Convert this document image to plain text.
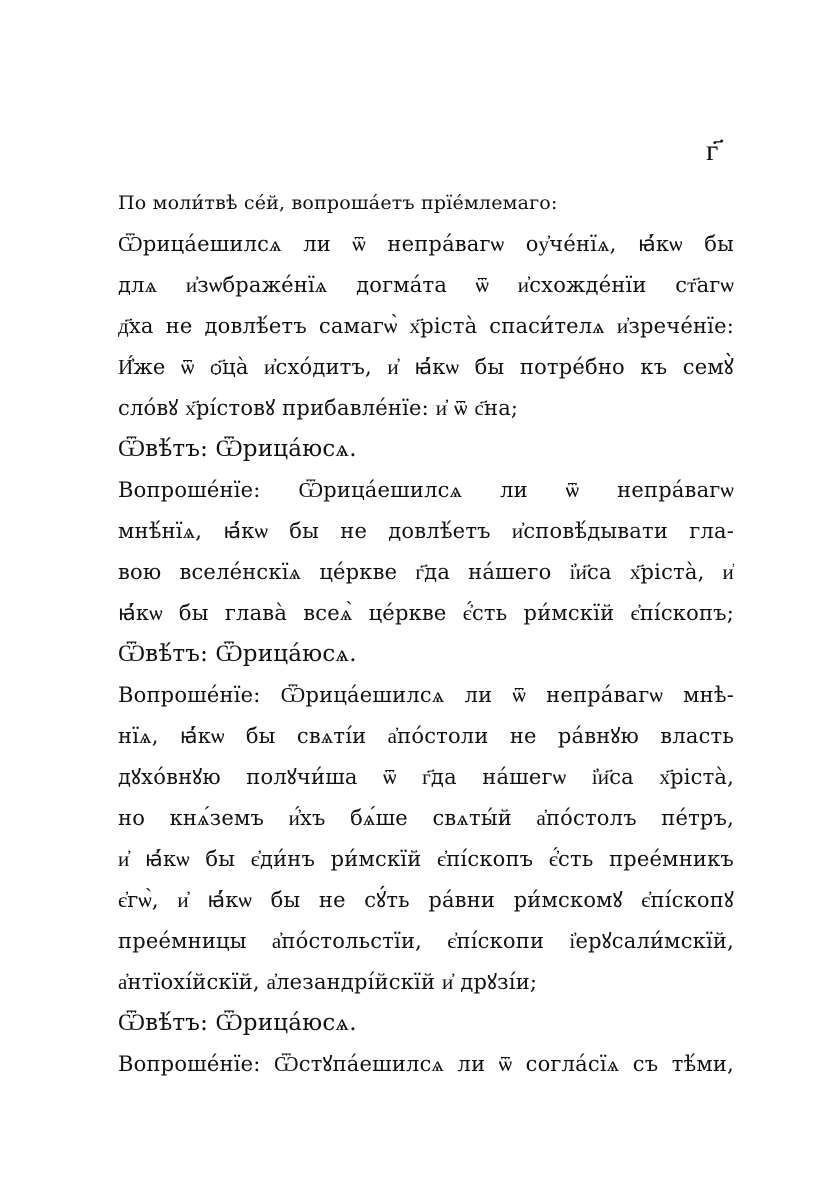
г҃
По моли́твѣ се́й, вопроша́етъ прїе́млемаго:
Ѿрица́ешилсѧ ли ѿ непра́вагѡ оу҆че́нїѧ, ꙗ҆́кѡ бы
длѧ и҆зѡбраже́нїѧ догма́та ѿ и҆схожде́нїи ст҃агѡ
д҃ха не довлѣ́етъ самагѡ̀ х҃ріста̀ спаси́телѧ и҆зрече́нїе:
И҆́же ѿ ѻ҃ца̀ и҆схо́дитъ, и҆ ꙗ҆́кѡ бы потре́бно къ семꙋ̀
сло́вꙋ х҃рі́стовꙋ прибавле́нїе: и҆ ѿ с҃на;
Ѿвѣ́тъ: Ѿрица́юсѧ.
Вопроше́нїе: Ѿрица́ешилсѧ ли ѿ непра́вагѡ
мнѣ́нїѧ, ꙗ҆́кѡ бы не довлѣ́етъ и҆сповѣ́дывати гла-
вою вселе́нскїѧ це́ркве г҃да на́шего і҆̓и҃са х҃ріста̀, и҆
ꙗ҆́кѡ бы глава̀ всеѧ̀ це́ркве є҆́сть ри́мскїй є҆пі́скопъ;
Ѿвѣ́тъ: Ѿрица́юсѧ.
Вопроше́нїе: Ѿрица́ешилсѧ ли ѿ непра́вагѡ мнѣ-
нїѧ, ꙗ҆́кѡ бы свѧті́и а҆по́столи не ра́внꙋю власть
дꙋхо́внꙋю полꙋчи́ша ѿ г҃да на́шегѡ і҆̓и҃са х҃ріста̀,
но кнѧ́земъ и҆́хъ бѧ́ше свѧты́й а҆по́столъ пе́тръ,
и҆ ꙗ҆́кѡ бы є҆ди́нъ ри́мскїй є҆пі́скопъ є҆́сть прее́мникъ
є҆гѡ̀, и҆ ꙗ҆́кѡ бы не сꙋ́ть ра́вни ри́мскомꙋ є҆пі́скопꙋ
прее́мницы а҆по́стольстїи, є҆пі́скопи і҆ерꙋсали́мскїй,
а҆нтїохі́йскїй, а҆лезандрі́йскїй и҆ дрꙋзі́и;
Ѿвѣ́тъ: Ѿрица́юсѧ.
Вопроше́нїе: Ѿстꙋпа́ешилсѧ ли ѿ согла́сїѧ съ тѣ́ми,
